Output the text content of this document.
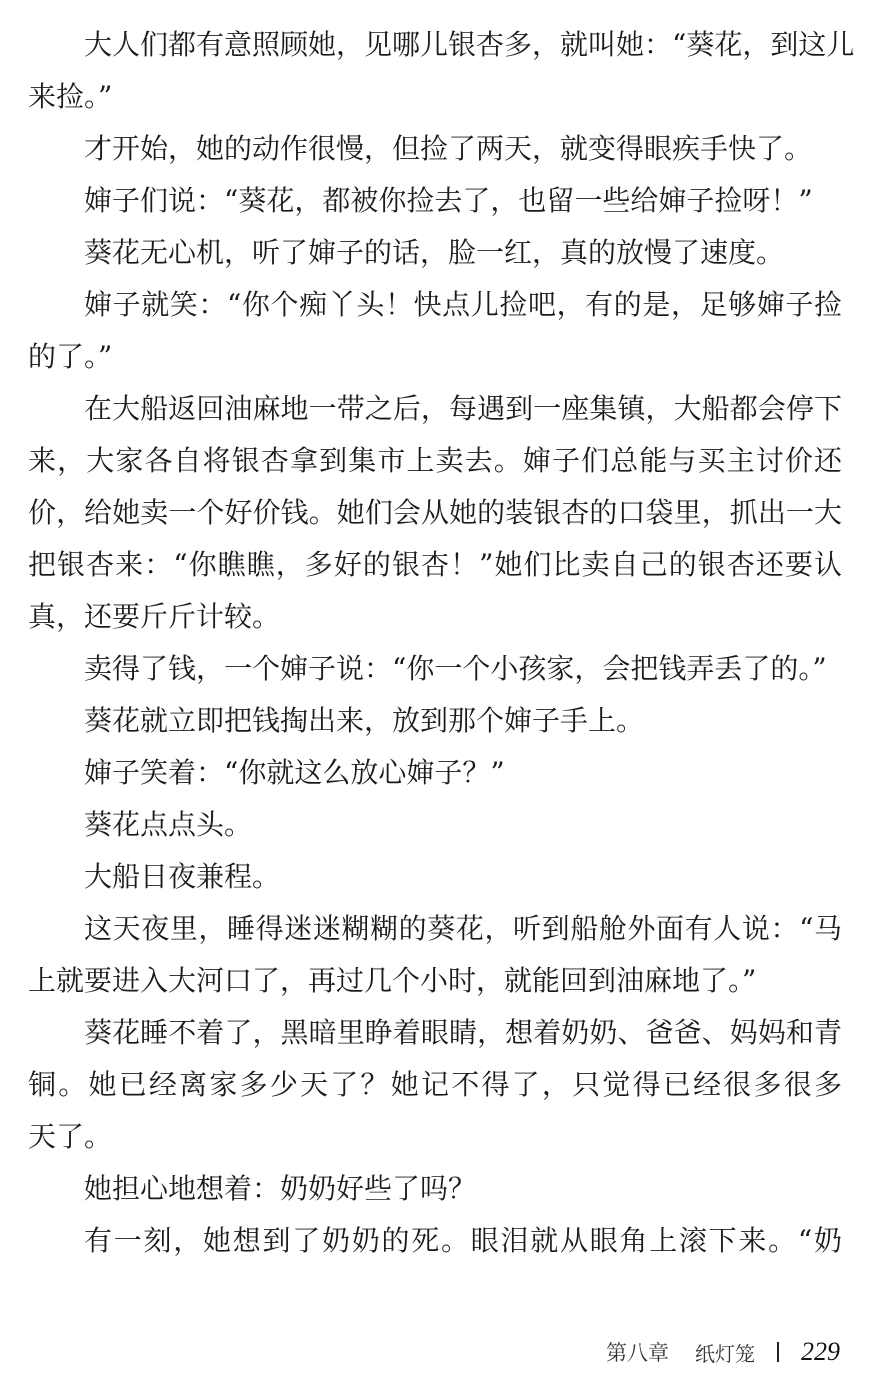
大人们都有意照顾她，见哪儿银杏多，就叫她：“葵花，到这儿
来捡。”
才开始，她的动作很慢，但捡了两天，就变得眼疾手快了。
婶子们说：“葵花，都被你捡去了，也留一些给婶子捡呀！”
葵花无心机，听了婶子的话，脸一红，真的放慢了速度。
婶子就笑：“你个痴丫头！快点儿捡吧，有的是，足够婶子捡
的了。”
在大船返回油麻地一带之后，每遇到一座集镇，大船都会停下
来，大家各自将银杏拿到集市上卖去。婶子们总能与买主讨价还
价，给她卖一个好价钱。她们会从她的装银杏的口袋里，抓出一大
把银杏来：“你瞧瞧，多好的银杏！”她们比卖自己的银杏还要认
真，还要斤斤计较。
卖得了钱，一个婶子说：“你一个小孩家，会把钱弄丢了的。”
葵花就立即把钱掏出来，放到那个婶子手上。
婶子笑着：“你就这么放心婶子？”
葵花点点头。
大船日夜兼程。
这天夜里，睡得迷迷糊糊的葵花，听到船舱外面有人说：“马
上就要进入大河口了，再过几个小时，就能回到油麻地了。”
葵花睡不着了，黑暗里睁着眼睛，想着奶奶、爸爸、妈妈和青
铜。她已经离家多少天了？她记不得了，只觉得已经很多很多
天了。
她担心地想着：奶奶好些了吗？
有一刻，她想到了奶奶的死。眼泪就从眼角上滚下来。“奶
第八章 纸灯笼 229
